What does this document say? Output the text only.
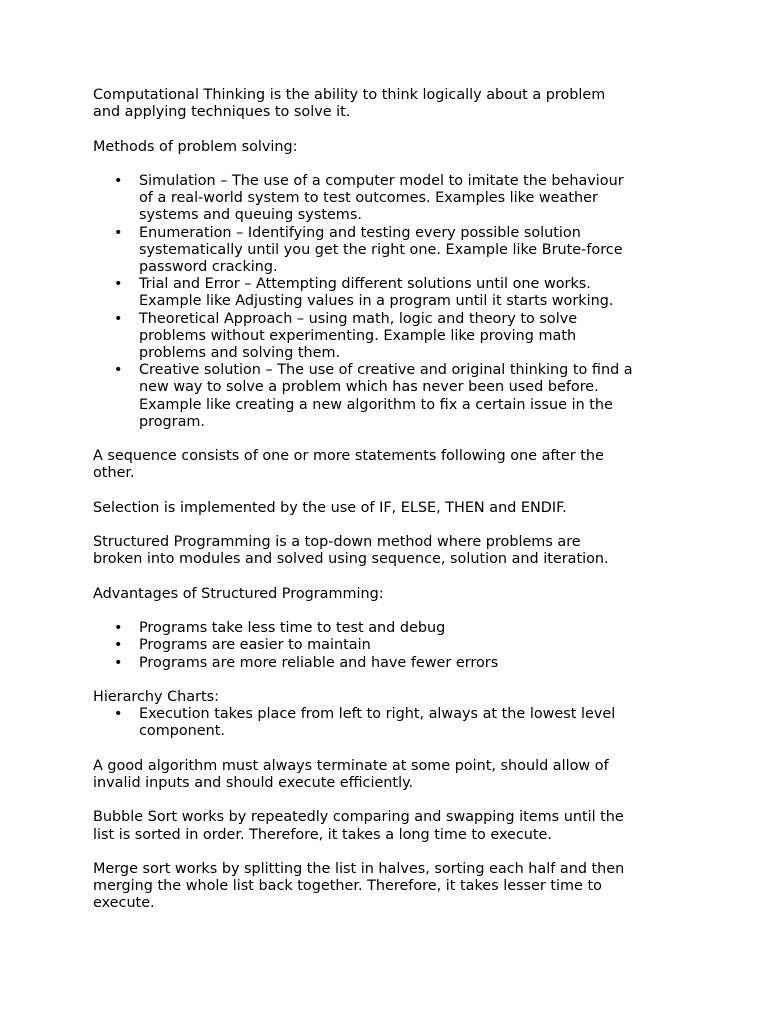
Computational Thinking is the ability to think logically about a problem
and applying techniques to solve it.

Methods of problem solving:

• Simulation – The use of a computer model to imitate the behaviour
of a real-world system to test outcomes. Examples like weather
systems and queuing systems.
• Enumeration – Identifying and testing every possible solution
systematically until you get the right one. Example like Brute-force
password cracking.
• Trial and Error – Attempting different solutions until one works.
Example like Adjusting values in a program until it starts working.
• Theoretical Approach – using math, logic and theory to solve
problems without experimenting. Example like proving math
problems and solving them.
• Creative solution – The use of creative and original thinking to find a
new way to solve a problem which has never been used before.
Example like creating a new algorithm to fix a certain issue in the
program.

A sequence consists of one or more statements following one after the
other.

Selection is implemented by the use of IF, ELSE, THEN and ENDIF.

Structured Programming is a top-down method where problems are
broken into modules and solved using sequence, solution and iteration.

Advantages of Structured Programming:

• Programs take less time to test and debug
• Programs are easier to maintain
• Programs are more reliable and have fewer errors

Hierarchy Charts:

• Execution takes place from left to right, always at the lowest level
component.

A good algorithm must always terminate at some point, should allow of
invalid inputs and should execute efficiently.

Bubble Sort works by repeatedly comparing and swapping items until the
list is sorted in order. Therefore, it takes a long time to execute.

Merge sort works by splitting the list in halves, sorting each half and then
merging the whole list back together. Therefore, it takes lesser time to
execute.
